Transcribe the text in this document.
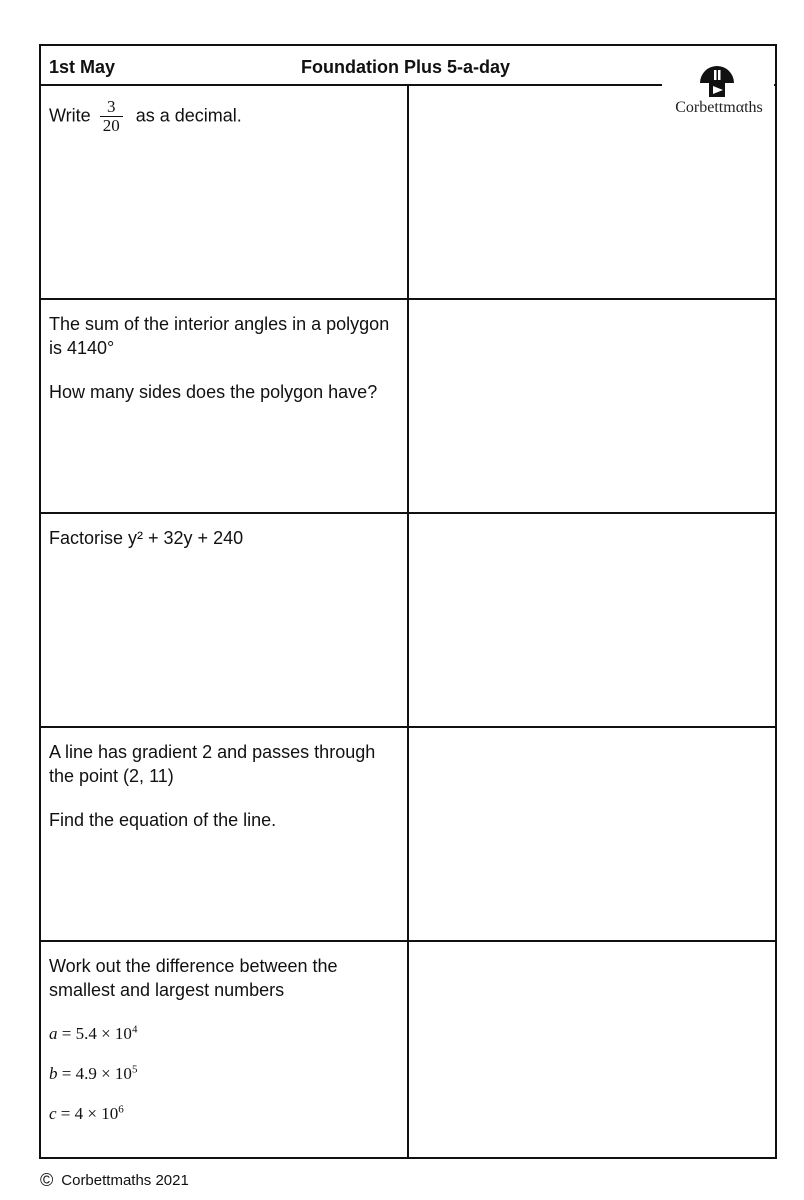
1st May	Foundation Plus 5-a-day
Write $\frac{3}{20}$ as a decimal.

The sum of the interior angles in a polygon is 4140°

How many sides does the polygon have?

Factorise y² + 32y + 240

A line has gradient 2 and passes through the point (2, 11)

Find the equation of the line.

Work out the difference between the smallest and largest numbers

$a = 5.4 \times 10^4$
$b = 4.9 \times 10^5$
$c = 4 \times 10^6$
Corbettmαths
© Corbettmaths 2021
